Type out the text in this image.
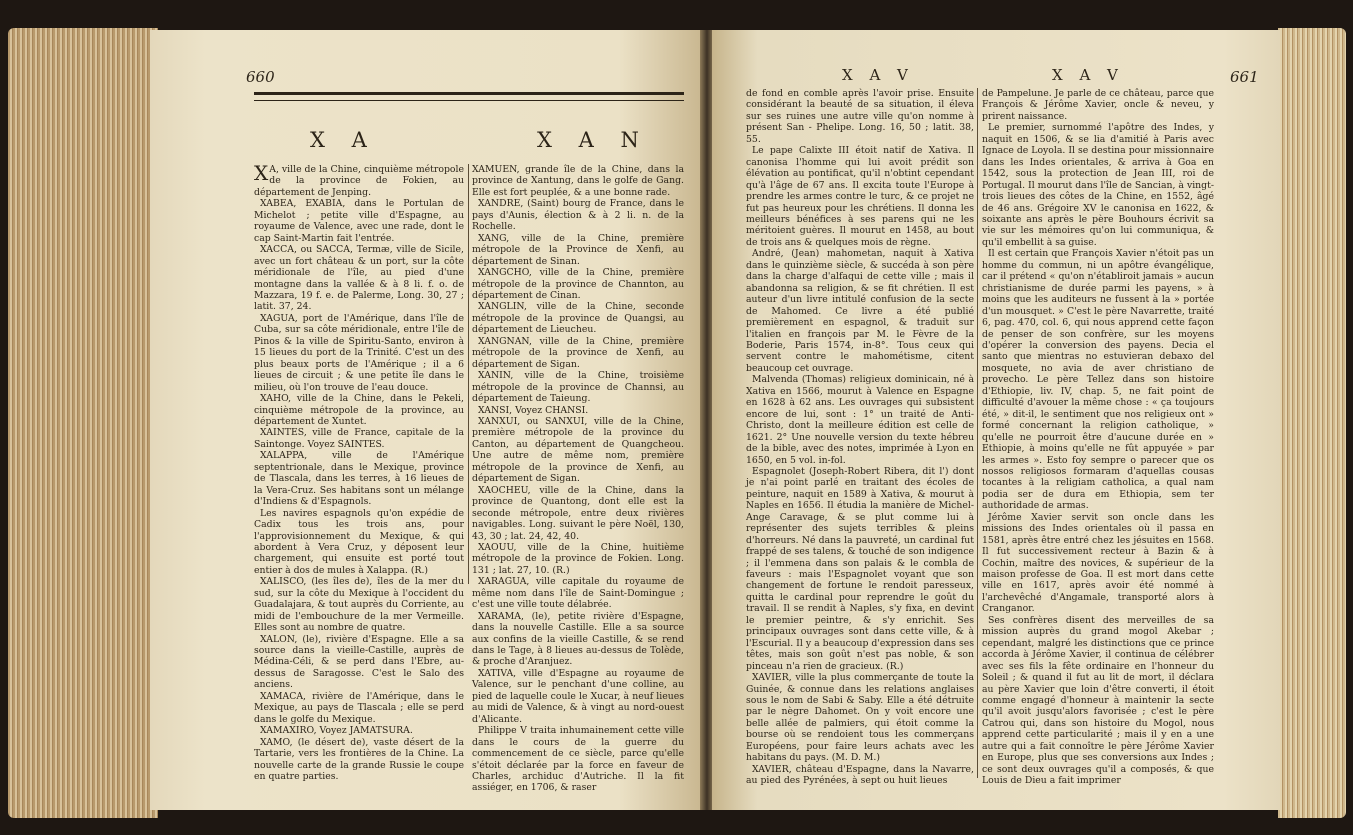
660
X A	X A N

X A, ville de la Chine, cinquième métropole de la province de Fokien, au département de Jenping.

XABEA, EXABIA, dans le Portulan de Michelot ; petite ville d'Espagne, au royaume de Valence, avec une rade, dont le cap Saint-Martin fait l'entrée.

XACCA, ou SACCA, Termæ, ville de Sicile, avec un fort château & un port, sur la côte méridionale de l'île, au pied d'une montagne dans la vallée & à 8 li. f. o. de Mazzara, 19 f. e. de Palerme, Long. 30, 27 ; latit. 37, 24.

XAGUA, port de l'Amérique, dans l'île de Cuba, sur sa côte méridionale, entre l'île de Pinos & la ville de Spiritu-Santo, environ à 15 lieues du port de la Trinité. C'est un des plus beaux ports de l'Amérique ; il a 6 lieues de circuit ; & une petite île dans le milieu, où l'on trouve de l'eau douce.

XAHO, ville de la Chine, dans le Pekeli, cinquième métropole de la province, au département de Xuntet.

XAINTES, ville de France, capitale de la Saintonge. Voyez SAINTES.

XALAPPA, ville de l'Amérique septentrionale, dans le Mexique, province de Tlascala, dans les terres, à 16 lieues de la Vera-Cruz. Ses habitans sont un mélange d'Indiens & d'Espagnols.

Les navires espagnols qu'on expédie de Cadix tous les trois ans, pour l'approvisionnement du Mexique, & qui abordent à Vera Cruz, y déposent leur chargement, qui ensuite est porté tout entier à dos de mules à Xalappa. (R.)

XALISCO, (les îles de), îles de la mer du sud, sur la côte du Mexique à l'occident du Guadalajara, & tout auprès du Corriente, au midi de l'embouchure de la mer Vermeille. Elles sont au nombre de quatre.

XALON, (le), rivière d'Espagne. Elle a sa source dans la vieille-Castille, auprès de Médina-Céli, & se perd dans l'Ebre, au-dessus de Saragosse. C'est le Salo des anciens.

XAMACA, rivière de l'Amérique, dans le Mexique, au pays de Tlascala ; elle se perd dans le golfe du Mexique.

XAMAXIRO, Voyez JAMATSURA.

XAMO, (le désert de), vaste désert de la Tartarie, vers les frontières de la Chine. La nouvelle carte de la grande Russie le coupe en quatre parties.

XAMUEN, grande île de la Chine, dans la province de Xantung, dans le golfe de Gang. Elle est fort peuplée, & a une bonne rade.

XANDRE, (Saint) bourg de France, dans le pays d'Aunis, élection & à 2 li. n. de la Rochelle.

XANG, ville de la Chine, première métropole de la Province de Xenfi, au département de Sinan.

XANGCHO, ville de la Chine, première métropole de la province de Channton, au département de Cinan.

XANGLIN, ville de la Chine, seconde métropole de la province de Quangsi, au département de Lieucheu.

XANGNAN, ville de la Chine, première métropole de la province de Xenfi, au département de Sigan.

XANIN, ville de la Chine, troisième métropole de la province de Channsi, au département de Taieung.

XANSI, Voyez CHANSI.

XANXUI, ou SANXUI, ville de la Chine, première métropole de la province du Canton, au département de Quangcheou. Une autre de même nom, première métropole de la province de Xenfi, au département de Sigan.

XAOCHEU, ville de la Chine, dans la province de Quantong, dont elle est la seconde métropole, entre deux rivières navigables. Long. suivant le père Noël, 130, 43, 30 ; lat. 24, 42, 40.

XAOUU, ville de la Chine, huitième métropole de la province de Fokien. Long. 131 ; lat. 27, 10. (R.)

XARAGUA, ville capitale du royaume de même nom dans l'île de Saint-Domingue ; c'est une ville toute délabrée.

XARAMA, (le), petite rivière d'Espagne, dans la nouvelle Castille. Elle a sa source aux confins de la vieille Castille, & se rend dans le Tage, à 8 lieues au-dessus de Tolède, & proche d'Aranjuez.

XATIVA, ville d'Espagne au royaume de Valence, sur le penchant d'une colline, au pied de laquelle coule le Xucar, à neuf lieues au midi de Valence, & à vingt au nord-ouest d'Alicante.

Philippe V traita inhumainement cette ville dans le cours de la guerre du commencement de ce siècle, parce qu'elle s'étoit déclarée par la force en faveur de Charles, archiduc d'Autriche. Il la fit assiéger, en 1706, & raser

X A V	X A V	661

de fond en comble après l'avoir prise. Ensuite considérant la beauté de sa situation, il éleva sur ses ruines une autre ville qu'on nomme à présent San - Phelipe. Long. 16, 50 ; latit. 38, 55.

Le pape Calixte III étoit natif de Xativa. Il canonisa l'homme qui lui avoit prédit son élévation au pontificat, qu'il n'obtint cependant qu'à l'âge de 67 ans. Il excita toute l'Europe à prendre les armes contre le turc, & ce projet ne fut pas heureux pour les chrétiens. Il donna les meilleurs bénéfices à ses parens qui ne les méritoient guères. Il mourut en 1458, au bout de trois ans & quelques mois de règne.

André, (Jean) mahometan, naquit à Xativa dans le quinzième siècle, & succéda à son père dans la charge d'alfaqui de cette ville ; mais il abandonna sa religion, & se fit chrétien. Il est auteur d'un livre intitulé confusion de la secte de Mahomed. Ce livre a été publié premièrement en espagnol, & traduit sur l'italien en françois par M. le Fèvre de la Boderie, Paris 1574, in-8°. Tous ceux qui servent contre le mahométisme, citent beaucoup cet ouvrage.

Malvenda (Thomas) religieux dominicain, né à Xativa en 1566, mourut à Valence en Espagne en 1628 à 62 ans. Les ouvrages qui subsistent encore de lui, sont : 1° un traité de Anti-Christo, dont la meilleure édition est celle de 1621. 2° Une nouvelle version du texte hébreu de la bible, avec des notes, imprimée à Lyon en 1650, en 5 vol. in-fol.

Espagnolet (Joseph-Robert Ribera, dit l') dont je n'ai point parlé en traitant des écoles de peinture, naquit en 1589 à Xativa, & mourut à Naples en 1656. Il étudia la manière de Michel-Ange Caravage, & se plut comme lui à représenter des sujets terribles & pleins d'horreurs. Né dans la pauvreté, un cardinal fut frappé de ses talens, & touché de son indigence ; il l'emmena dans son palais & le combla de faveurs : mais l'Espagnolet voyant que son changement de fortune le rendoit paresseux, quitta le cardinal pour reprendre le goût du travail. Il se rendit à Naples, s'y fixa, en devint le premier peintre, & s'y enrichit. Ses principaux ouvrages sont dans cette ville, & à l'Escurial. Il y a beaucoup d'expression dans ses têtes, mais son goût n'est pas noble, & son pinceau n'a rien de gracieux. (R.)

XAVIER, ville la plus commerçante de toute la Guinée, & connue dans les relations anglaises sous le nom de Sabi & Saby. Elle a été détruite par le nègre Dahomet. On y voit encore une belle allée de palmiers, qui étoit comme la bourse où se rendoient tous les commerçans Européens, pour faire leurs achats avec les habitans du pays. (M. D. M.)

XAVIER, château d'Espagne, dans la Navarre, au pied des Pyrénées, à sept ou huit lieues

de Pampelune. Je parle de ce château, parce que François & Jérôme Xavier, oncle & neveu, y prirent naissance.

Le premier, surnommé l'apôtre des Indes, y naquit en 1506, & se lia d'amitié à Paris avec Ignace de Loyola. Il se destina pour missionnaire dans les Indes orientales, & arriva à Goa en 1542, sous la protection de Jean III, roi de Portugal. Il mourut dans l'île de Sancian, à vingt-trois lieues des côtes de la Chine, en 1552, âgé de 46 ans. Grégoire XV le canonisa en 1622, & soixante ans après le père Bouhours écrivit sa vie sur les mémoires qu'on lui communiqua, & qu'il embellit à sa guise.

Il est certain que François Xavier n'étoit pas un homme du commun, ni un apôtre évangélique, car il prétend « qu'on n'établiroit jamais » aucun christianisme de durée parmi les payens, » à moins que les auditeurs ne fussent à la » portée d'un mousquet. » C'est le père Navarrette, traité 6, pag. 470, col. 6, qui nous apprend cette façon de penser de son confrère, sur les moyens d'opérer la conversion des payens. Decia el santo que mientras no estuvieran debaxo del mosquete, no avia de aver christiano de provecho. Le père Tellez dans son histoire d'Ethiopie, liv. IV, chap. 5, ne fait point de difficulté d'avouer la même chose : « ça toujours été, » dit-il, le sentiment que nos religieux ont » formé concernant la religion catholique, » qu'elle ne pourroit être d'aucune durée en » Ethiopie, à moins qu'elle ne fût appuyée » par les armes ». Esto foy sempre o parecer que os nossos religiosos formaram d'aquellas cousas tocantes à la religiam catholica, a qual nam podia ser de dura em Ethiopia, sem ter authoridade de armas.

Jérôme Xavier servit son oncle dans les missions des Indes orientales où il passa en 1581, après être entré chez les jésuites en 1568. Il fut successivement recteur à Bazin & à Cochin, maître des novices, & supérieur de la maison professe de Goa. Il est mort dans cette ville en 1617, après avoir été nommé à l'archevêché d'Angamale, transporté alors à Cranganor.

Ses confrères disent des merveilles de sa mission auprès du grand mogol Akebar ; cependant, malgré les distinctions que ce prince accorda à Jérôme Xavier, il continua de célébrer avec ses fils la fête ordinaire en l'honneur du Soleil ; & quand il fut au lit de mort, il déclara au père Xavier que loin d'être converti, il étoit comme engagé d'honneur à maintenir la secte qu'il avoit jusqu'alors favorisée ; c'est le père Catrou qui, dans son histoire du Mogol, nous apprend cette particularité ; mais il y en a une autre qui a fait connoître le père Jérôme Xavier en Europe, plus que ses conversions aux Indes ; ce sont deux ouvrages qu'il a composés, & que Louis de Dieu a fait imprimer
